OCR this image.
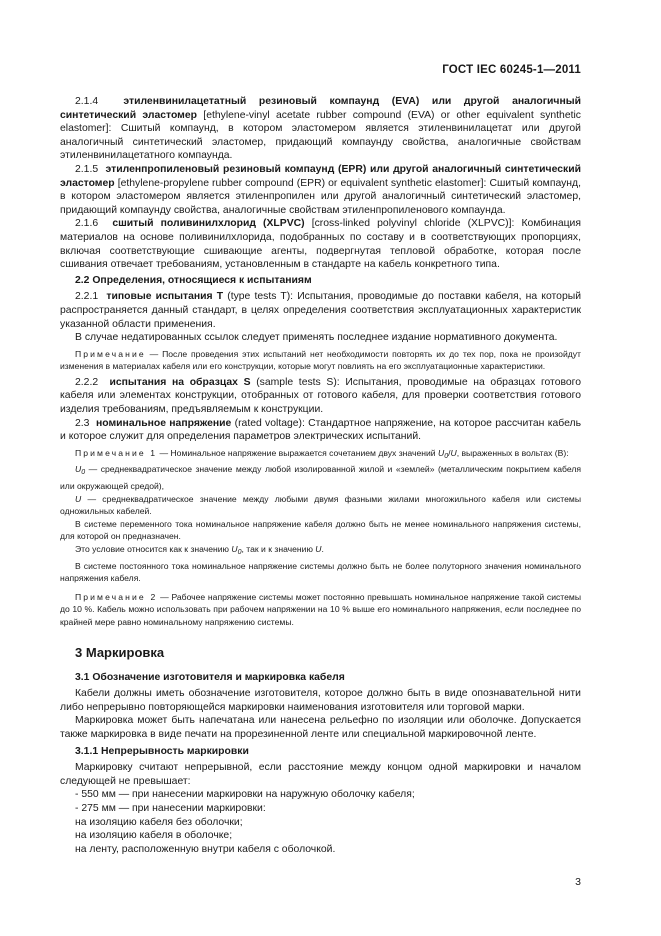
ГОСТ IEC 60245-1—2011

2.1.4 этиленвинилацетатный резиновый компаунд (EVA) или другой аналогичный синтетический эластомер [ethylene-vinyl acetate rubber compound (EVA) or other equivalent synthetic elastomer]: Сшитый компаунд, в котором эластомером является этиленвинилацетат или другой аналогичный синтетический эластомер, придающий компаунду свойства, аналогичные свойствам этиленвинилацетатного компаунда.

2.1.5 этиленпропиленовый резиновый компаунд (EPR) или другой аналогичный синтетический эластомер [ethylene-propylene rubber compound (EPR) or equivalent synthetic elastomer]: Сшитый компаунд, в котором эластомером является этиленпропилен или другой аналогичный синтетический эластомер, придающий компаунду свойства, аналогичные свойствам этиленпропиленового компаунда.

2.1.6 сшитый поливинилхлорид (XLPVC) [cross-linked polyvinyl chloride (XLPVC)]: Комбинация материалов на основе поливинилхлорида, подобранных по составу и в соответствующих пропорциях, включая соответствующие сшивающие агенты, подвергнутая тепловой обработке, которая после сшивания отвечает требованиям, установленным в стандарте на кабель конкретного типа.

2.2 Определения, относящиеся к испытаниям

2.2.1 типовые испытания Т (type tests T): Испытания, проводимые до поставки кабеля, на который распространяется данный стандарт, в целях определения соответствия эксплуатационных характеристик указанной области применения.

В случае недатированных ссылок следует применять последнее издание нормативного документа.

Примечание — После проведения этих испытаний нет необходимости повторять их до тех пор, пока не произойдут изменения в материалах кабеля или его конструкции, которые могут повлиять на его эксплуатационные характеристики.

2.2.2 испытания на образцах S (sample tests S): Испытания, проводимые на образцах готового кабеля или элементах конструкции, отобранных от готового кабеля, для проверки соответствия готового изделия требованиям, предъявляемым к конструкции.

2.3 номинальное напряжение (rated voltage): Стандартное напряжение, на которое рассчитан кабель и которое служит для определения параметров электрических испытаний.

Примечание 1 — Номинальное напряжение выражается сочетанием двух значений $U_0/U$, выраженных в вольтах (В):

$U_0$ — среднеквадратическое значение между любой изолированной жилой и «землей» (металлическим покрытием кабеля или окружающей средой),

U — среднеквадратическое значение между любыми двумя фазными жилами многожильного кабеля или системы одножильных кабелей.

В системе переменного тока номинальное напряжение кабеля должно быть не менее номинального напряжения системы, для которой он предназначен.

Это условие относится как к значению $U_0$, так и к значению U.

В системе постоянного тока номинальное напряжение системы должно быть не более полуторного значения номинального напряжения кабеля.

Примечание 2 — Рабочее напряжение системы может постоянно превышать номинальное напряжение такой системы до 10 %. Кабель можно использовать при рабочем напряжении на 10 % выше его номинального напряжения, если последнее по крайней мере равно номинальному напряжению системы.

3 Маркировка
3.1 Обозначение изготовителя и маркировка кабеля

Кабели должны иметь обозначение изготовителя, которое должно быть в виде опознавательной нити либо непрерывно повторяющейся маркировки наименования изготовителя или торговой марки.

Маркировка может быть напечатана или нанесена рельефно по изоляции или оболочке. Допускается также маркировка в виде печати на прорезиненной ленте или специальной маркировочной ленте.

3.1.1 Непрерывность маркировки

Маркировку считают непрерывной, если расстояние между концом одной маркировки и началом следующей не превышает:

- 550 мм — при нанесении маркировки на наружную оболочку кабеля;

- 275 мм — при нанесении маркировки:

на изоляцию кабеля без оболочки;

на изоляцию кабеля в оболочке;

на ленту, расположенную внутри кабеля с оболочкой.

3
